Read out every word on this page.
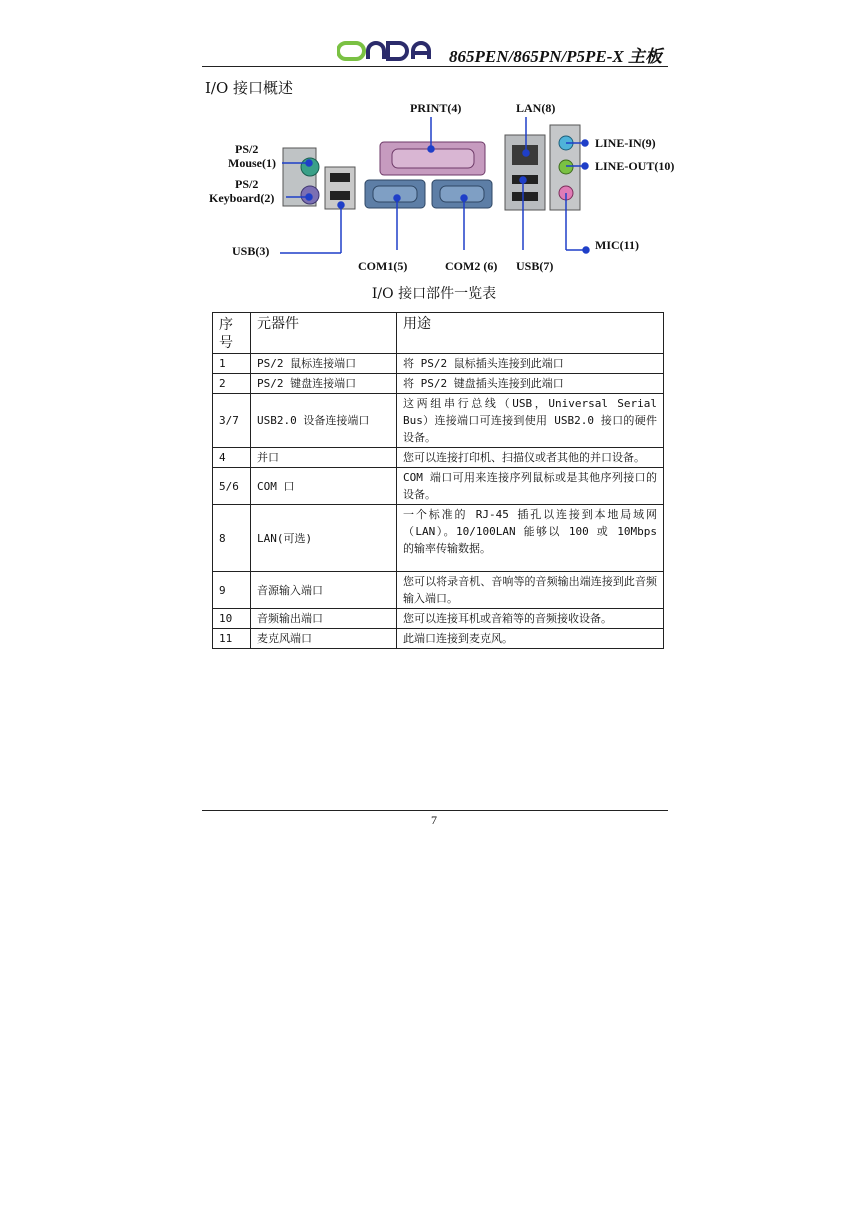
865PEN/865PN/P5PE-X 主板
I/O 接口概述
PRINT(4)	LAN(8)
PS/2
Mouse(1)
PS/2
Keyboard(2)
LINE-IN(9)
LINE-OUT(10)
USB(3)	MIC(11)
COM1(5)	COM2 (6) USB(7)
I/O 接口部件一览表
序号	元器件	用途
1	PS/2 鼠标连接端口	将 PS/2 鼠标插头连接到此端口
2	PS/2 键盘连接端口	将 PS/2 键盘插头连接到此端口
3/7	USB2.0 设备连接端口	这两组串行总线（USB，Universal Serial Bus）连接端口可连接到使用 USB2.0 接口的硬件设备。
4	并口	您可以连接打印机、扫描仪或者其他的并口设备。
5/6	COM 口	COM 端口可用来连接序列鼠标或是其他序列接口的设备。
8	LAN(可选)	一个标准的 RJ-45 插孔以连接到本地局域网（LAN）。10/100LAN 能够以 100 或 10Mbps 的输率传输数据。
9	音源输入端口	您可以将录音机、音响等的音频输出端连接到此音频输入端口。
10	音频输出端口	您可以连接耳机或音箱等的音频接收设备。
11	麦克风端口	此端口连接到麦克风。
7
